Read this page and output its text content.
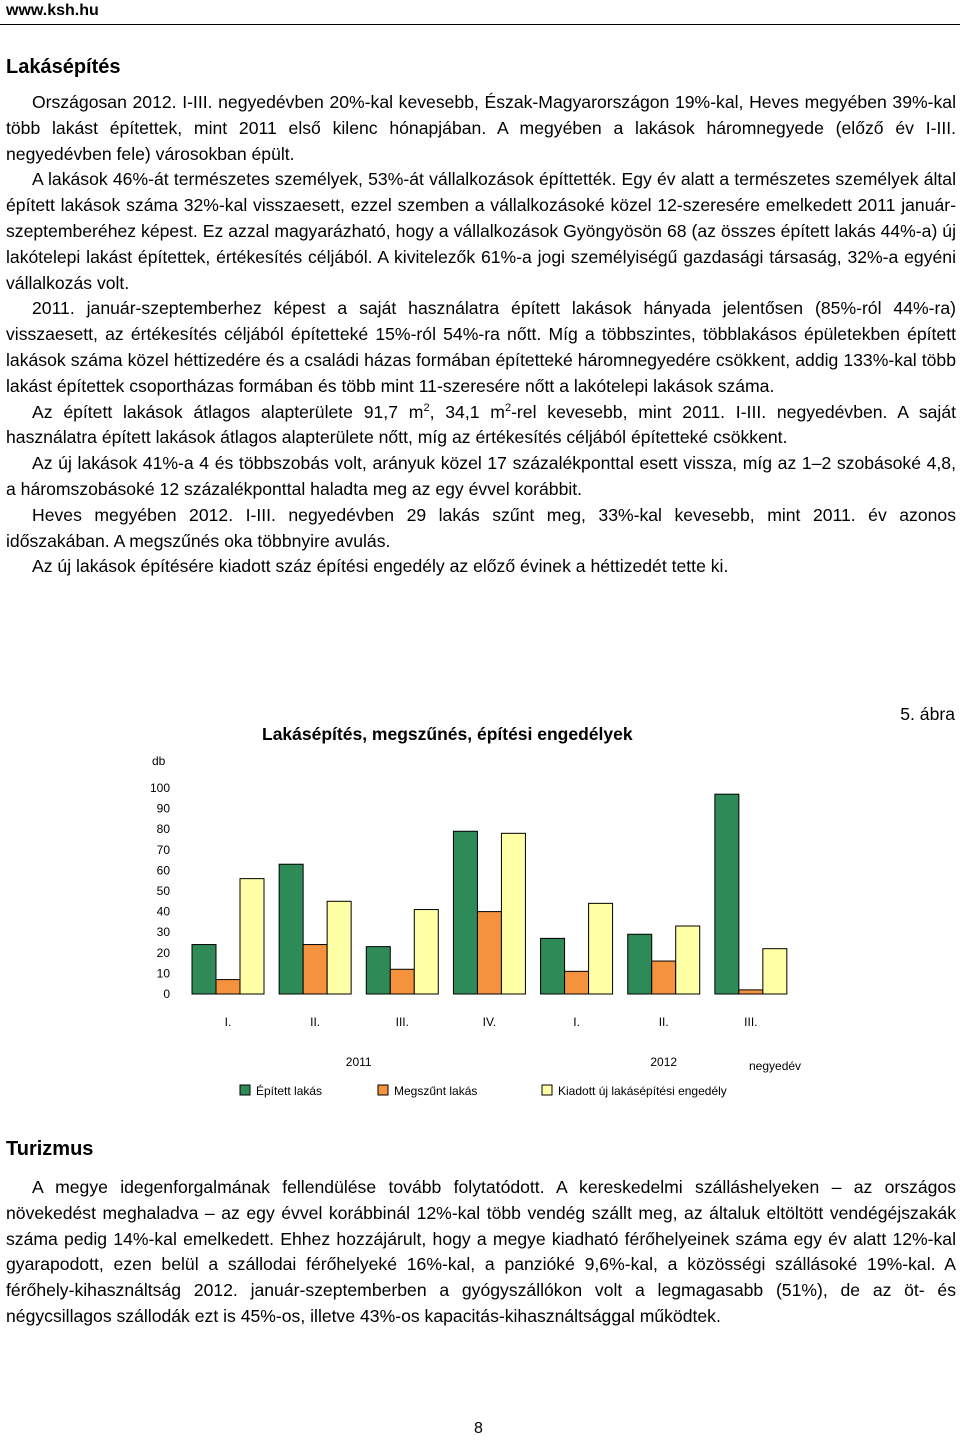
www.ksh.hu
Lakásépítés

Országosan 2012. I-III. negyedévben 20%-kal kevesebb, Észak-Magyarországon 19%-kal, Heves megyében 39%-kal több lakást építettek, mint 2011 első kilenc hónapjában. A megyében a lakások háromnegyede (előző év I-III. negyedévben fele) városokban épült.

A lakások 46%-át természetes személyek, 53%-át vállalkozások építtették. Egy év alatt a természetes személyek által épített lakások száma 32%-kal visszaesett, ezzel szemben a vállalkozásoké közel 12-szeresére emelkedett 2011 január-szeptemberéhez képest. Ez azzal magyarázható, hogy a vállalkozások Gyöngyösön 68 (az összes épített lakás 44%-a) új lakótelepi lakást építettek, értékesítés céljából. A kivitelezők 61%-a jogi személyiségű gazdasági társaság, 32%-a egyéni vállalkozás volt.

2011. január-szeptemberhez képest a saját használatra épített lakások hányada jelentősen (85%-ról 44%-ra) visszaesett, az értékesítés céljából építetteké 15%-ról 54%-ra nőtt. Míg a többszintes, többlakásos épületekben épített lakások száma közel héttizedére és a családi házas formában építetteké háromnegyedére csökkent, addig 133%-kal több lakást építettek csoportházas formában és több mint 11-szeresére nőtt a lakótelepi lakások száma.

Az épített lakások átlagos alapterülete 91,7 $m^2$, 34,1 $m^2$-rel kevesebb, mint 2011. I-III. negyedévben. A saját használatra épített lakások átlagos alapterülete nőtt, míg az értékesítés céljából építetteké csökkent.

Az új lakások 41%-a 4 és többszobás volt, arányuk közel 17 százalékponttal esett vissza, míg az 1–2 szobásoké 4,8, a háromszobásoké 12 százalékponttal haladta meg az egy évvel korábbit.

Heves megyében 2012. I-III. negyedévben 29 lakás szűnt meg, 33%-kal kevesebb, mint 2011. év azonos időszakában. A megszűnés oka többnyire avulás.

Az új lakások építésére kiadott száz építési engedély az előző évinek a héttizedét tette ki.

5. ábra
Lakásépítés, megszűnés, építési engedélyek
db
0
10
20
30
40
50
60
70
80
90
100
I.	II.	III.	IV.	I.	II.	III.
2011	2012	negyedév
Épített lakás	Megszűnt lakás	Kiadott új lakásépítési engedély
Turizmus

A megye idegenforgalmának fellendülése tovább folytatódott. A kereskedelmi szálláshelyeken – az országos növekedést meghaladva – az egy évvel korábbinál 12%-kal több vendég szállt meg, az általuk eltöltött vendégéjszakák száma pedig 14%-kal emelkedett. Ehhez hozzájárult, hogy a megye kiadható férőhelyeinek száma egy év alatt 12%-kal gyarapodott, ezen belül a szállodai férőhelyeké 16%-kal, a panzióké 9,6%-kal, a közösségi szállásoké 19%-kal. A férőhely-kihasználtság 2012. január-szeptemberben a gyógyszállókon volt a legmagasabb (51%), de az öt- és négycsillagos szállodák ezt is 45%-os, illetve 43%-os kapacitás-kihasználtsággal működtek.

8
